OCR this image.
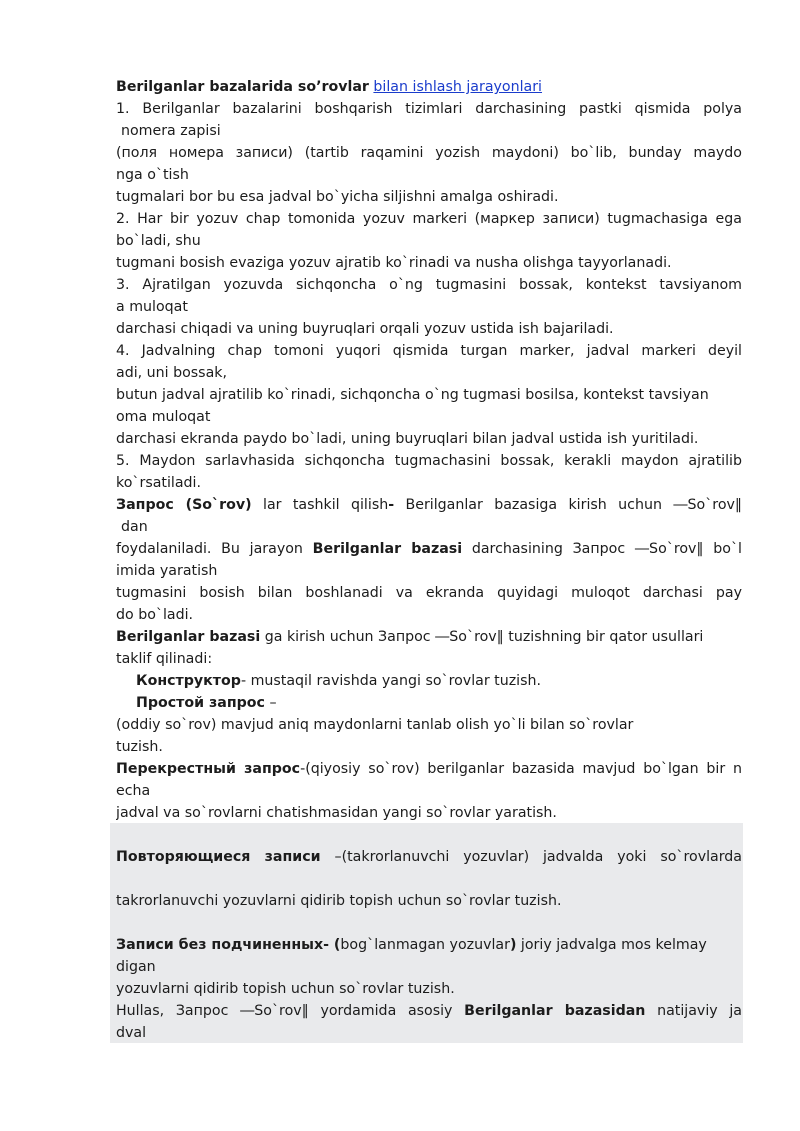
Berilganlar bazalarida so’rovlar bilan ishlash jarayonlari
1. Berilganlar bazalarini boshqarish tizimlari darchasining pastki qismida polya
nomera zapisi
(поля номера записи) (tartib raqamini yozish maydoni) bo`lib, bunday maydo
nga o`tish
tugmalari bor bu esa jadval bo`yicha siljishni amalga oshiradi.
2. Har bir yozuv chap tomonida yozuv markeri (маркер записи) tugmachasiga ega
bo`ladi, shu
tugmani bosish evaziga yozuv ajratib ko`rinadi va nusha olishga tayyorlanadi.
3. Ajratilgan yozuvda sichqoncha o`ng tugmasini bossak, kontekst tavsiyanom
a muloqat
darchasi chiqadi va uning buyruqlari orqali yozuv ustida ish bajariladi.
4. Jadvalning chap tomoni yuqori qismida turgan marker, jadval markeri deyil
adi, uni bossak,
butun jadval ajratilib ko`rinadi, sichqoncha o`ng tugmasi bosilsa, kontekst tavsiyan
oma muloqat
darchasi ekranda paydo bo`ladi, uning buyruqlari bilan jadval ustida ish yuritiladi.
5. Maydon sarlavhasida sichqoncha tugmachasini bossak, kerakli maydon ajratilib
ko`rsatiladi.
Запрос (So`rov) lar tashkil qilish- Berilganlar bazasiga kirish uchun ―So`rov‖
dan
foydalaniladi. Bu jarayon Berilganlar bazasi darchasining Запрос ―So`rov‖ bo`l
imida yaratish
tugmasini bosish bilan boshlanadi va ekranda quyidagi muloqot darchasi pay
do bo`ladi.
Berilganlar bazasi ga kirish uchun Запрос ―So`rov‖ tuzishning bir qator usullari
taklif qilinadi:
Конструктор- mustaqil ravishda yangi so`rovlar tuzish.
Простой запрос –
(oddiy so`rov) mavjud aniq maydonlarni tanlab olish yo`li bilan so`rovlar
tuzish.
Перекрестный запрос-(qiyosiy so`rov) berilganlar bazasida mavjud bo`lgan bir n
echa
jadval va so`rovlarni chatishmasidan yangi so`rovlar yaratish.
Повторяющиеся записи –(takrorlanuvchi yozuvlar) jadvalda yoki so`rovlarda
takrorlanuvchi yozuvlarni qidirib topish uchun so`rovlar tuzish.
Записи без подчиненных- (bog`lanmagan yozuvlar) joriy jadvalga mos kelmay
digan
yozuvlarni qidirib topish uchun so`rovlar tuzish.
Hullas, Запрос ―So`rov‖ yordamida asosiy Berilganlar bazasidan natijaviy ja
dval
